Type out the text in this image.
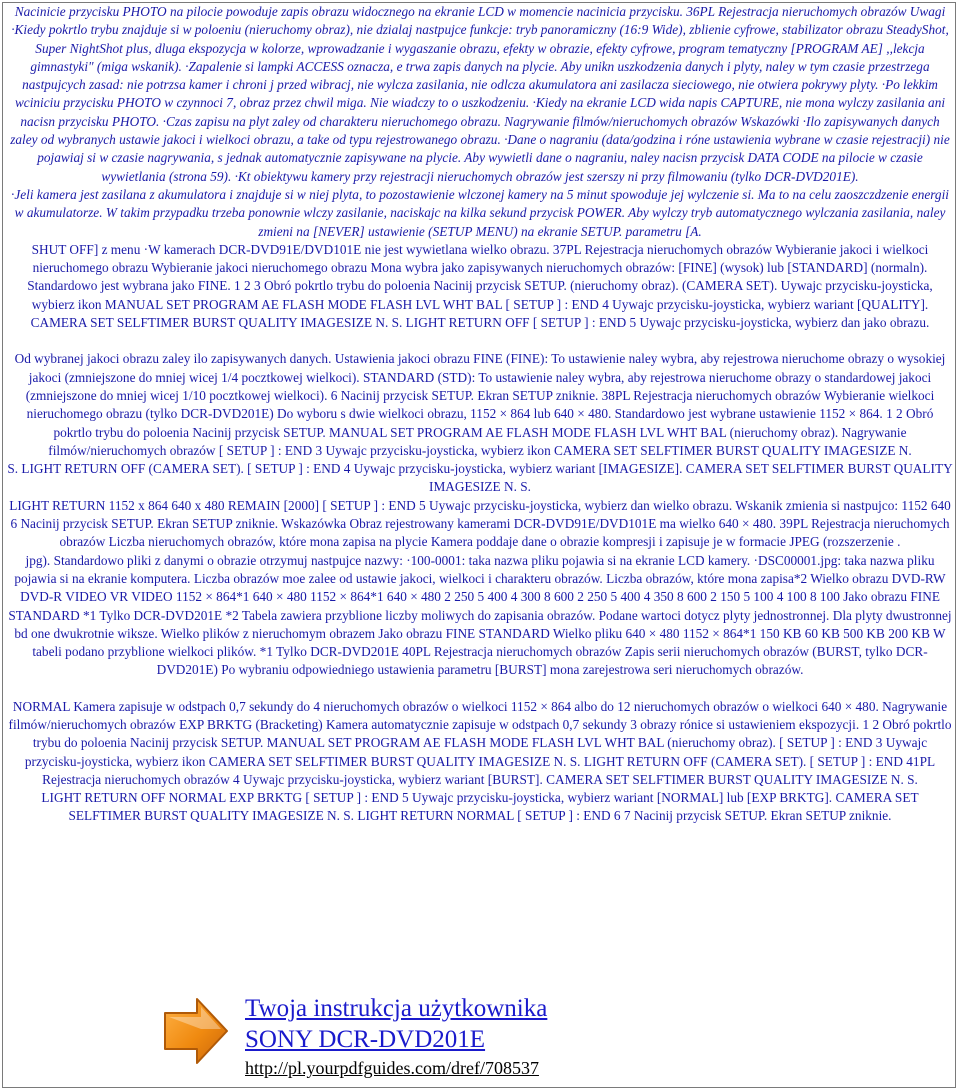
Nacinicie przycisku PHOTO na pilocie powoduje zapis obrazu widocznego na ekranie LCD w momencie nacinicia przycisku. 36PL Rejestracja nieruchomych obrazów Uwagi ·Kiedy pokrtlo trybu znajduje si w poloeniu (nieruchomy obraz), nie dzialaj nastpujce funkcje: tryb panoramiczny (16:9 Wide), zblienie cyfrowe, stabilizator obrazu SteadyShot, Super NightShot plus, dluga ekspozycja w kolorze, wprowadzanie i wygaszanie obrazu, efekty w obrazie, efekty cyfrowe, program tematyczny [PROGRAM AE] ,,lekcja gimnastyki" (miga wskanik). ·Zapalenie si lampki ACCESS oznacza, e trwa zapis danych na plycie. Aby unikn uszkodzenia danych i plyty, naley w tym czasie przestrzega nastpujcych zasad: nie potrzsa kamer i chroni j przed wibracj, nie wylcza zasilania, nie odlcza akumulatora ani zasilacza sieciowego, nie otwiera pokrywy plyty. ·Po lekkim wciniciu przycisku PHOTO w czynnoci 7, obraz przez chwil miga. Nie wiadczy to o uszkodzeniu. ·Kiedy na ekranie LCD wida napis CAPTURE, nie mona wylczy zasilania ani nacisn przycisku PHOTO. ·Czas zapisu na plyt zaley od charakteru nieruchomego obrazu. Nagrywanie filmów/nieruchomych obrazów Wskazówki ·Ilo zapisywanych danych zaley od wybranych ustawie jakoci i wielkoci obrazu, a take od typu rejestrowanego obrazu. ·Dane o nagraniu (data/godzina i róne ustawienia wybrane w czasie rejestracji) nie pojawiaj si w czasie nagrywania, s jednak automatycznie zapisywane na plycie. Aby wywietli dane o nagraniu, naley nacisn przycisk DATA CODE na pilocie w czasie wywietlania (strona 59). ·Kt obiektywu kamery przy rejestracji nieruchomych obrazów jest szerszy ni przy filmowaniu (tylko DCR-DVD201E).

·Jeli kamera jest zasilana z akumulatora i znajduje si w niej plyta, to pozostawienie wlczonej kamery na 5 minut spowoduje jej wylczenie si. Ma to na celu zaoszczdzenie energii w akumulatorze. W takim przypadku trzeba ponownie wlczy zasilanie, naciskajc na kilka sekund przycisk POWER. Aby wylczy tryb automatycznego wylczania zasilania, naley zmieni na [NEVER] ustawienie (SETUP MENU) na ekranie SETUP. parametru [A.

SHUT OFF] z menu ·W kamerach DCR-DVD91E/DVD101E nie jest wywietlana wielko obrazu. 37PL Rejestracja nieruchomych obrazów Wybieranie jakoci i wielkoci nieruchomego obrazu Wybieranie jakoci nieruchomego obrazu Mona wybra jako zapisywanych nieruchomych obrazów: [FINE] (wysok) lub [STANDARD] (normaln). Standardowo jest wybrana jako FINE. 1 2 3 Obró pokrtlo trybu do poloenia Nacinij przycisk SETUP. (nieruchomy obraz). (CAMERA SET). Uywajc przycisku-joysticka, wybierz ikon MANUAL SET PROGRAM AE FLASH MODE FLASH LVL WHT BAL [ SETUP ] : END 4 Uywajc przycisku-joysticka, wybierz wariant [QUALITY]. CAMERA SET SELFTIMER BURST QUALITY IMAGESIZE N. S. LIGHT RETURN OFF [ SETUP ] : END 5 Uywajc przycisku-joysticka, wybierz dan jako obrazu.

Od wybranej jakoci obrazu zaley ilo zapisywanych danych. Ustawienia jakoci obrazu FINE (FINE): To ustawienie naley wybra, aby rejestrowa nieruchome obrazy o wysokiej jakoci (zmniejszone do mniej wicej 1/4 pocztkowej wielkoci). STANDARD (STD): To ustawienie naley wybra, aby rejestrowa nieruchome obrazy o standardowej jakoci (zmniejszone do mniej wicej 1/10 pocztkowej wielkoci). 6 Nacinij przycisk SETUP. Ekran SETUP zniknie. 38PL Rejestracja nieruchomych obrazów Wybieranie wielkoci nieruchomego obrazu (tylko DCR-DVD201E) Do wyboru s dwie wielkoci obrazu, 1152 × 864 lub 640 × 480. Standardowo jest wybrane ustawienie 1152 × 864. 1 2 Obró pokrtlo trybu do poloenia Nacinij przycisk SETUP. MANUAL SET PROGRAM AE FLASH MODE FLASH LVL WHT BAL (nieruchomy obraz). Nagrywanie filmów/nieruchomych obrazów [ SETUP ] : END 3 Uywajc przycisku-joysticka, wybierz ikon CAMERA SET SELFTIMER BURST QUALITY IMAGESIZE N.

S. LIGHT RETURN OFF (CAMERA SET). [ SETUP ] : END 4 Uywajc przycisku-joysticka, wybierz wariant [IMAGESIZE]. CAMERA SET SELFTIMER BURST QUALITY IMAGESIZE N. S.

LIGHT RETURN 1152 x 864 640 x 480 REMAIN [2000] [ SETUP ] : END 5 Uywajc przycisku-joysticka, wybierz dan wielko obrazu. Wskanik zmienia si nastpujco: 1152 640 6 Nacinij przycisk SETUP. Ekran SETUP zniknie. Wskazówka Obraz rejestrowany kamerami DCR-DVD91E/DVD101E ma wielko 640 × 480. 39PL Rejestracja nieruchomych obrazów Liczba nieruchomych obrazów, które mona zapisa na plycie Kamera poddaje dane o obrazie kompresji i zapisuje je w formacie JPEG (rozszerzenie .

jpg). Standardowo pliki z danymi o obrazie otrzymuj nastpujce nazwy: ·100-0001: taka nazwa pliku pojawia si na ekranie LCD kamery. ·DSC00001.jpg: taka nazwa pliku pojawia si na ekranie komputera. Liczba obrazów moe zalee od ustawie jakoci, wielkoci i charakteru obrazów. Liczba obrazów, które mona zapisa*2 Wielko obrazu DVD-RW DVD-R VIDEO VR VIDEO 1152 × 864*1 640 × 480 1152 × 864*1 640 × 480 2 250 5 400 4 300 8 600 2 250 5 400 4 350 8 600 2 150 5 100 4 100 8 100 Jako obrazu FINE STANDARD *1 Tylko DCR-DVD201E *2 Tabela zawiera przyblione liczby moliwych do zapisania obrazów. Podane wartoci dotycz plyty jednostronnej. Dla plyty dwustronnej bd one dwukrotnie wiksze. Wielko plików z nieruchomym obrazem Jako obrazu FINE STANDARD Wielko pliku 640 × 480 1152 × 864*1 150 KB 60 KB 500 KB 200 KB W tabeli podano przyblione wielkoci plików. *1 Tylko DCR-DVD201E 40PL Rejestracja nieruchomych obrazów Zapis serii nieruchomych obrazów (BURST, tylko DCR-DVD201E) Po wybraniu odpowiedniego ustawienia parametru [BURST] mona zarejestrowa seri nieruchomych obrazów.

NORMAL Kamera zapisuje w odstpach 0,7 sekundy do 4 nieruchomych obrazów o wielkoci 1152 × 864 albo do 12 nieruchomych obrazów o wielkoci 640 × 480. Nagrywanie filmów/nieruchomych obrazów EXP BRKTG (Bracketing) Kamera automatycznie zapisuje w odstpach 0,7 sekundy 3 obrazy rónice si ustawieniem ekspozycji. 1 2 Obró pokrtlo trybu do poloenia Nacinij przycisk SETUP. MANUAL SET PROGRAM AE FLASH MODE FLASH LVL WHT BAL (nieruchomy obraz). [ SETUP ] : END 3 Uywajc przycisku-joysticka, wybierz ikon CAMERA SET SELFTIMER BURST QUALITY IMAGESIZE N. S. LIGHT RETURN OFF (CAMERA SET). [ SETUP ] : END 41PL Rejestracja nieruchomych obrazów 4 Uywajc przycisku-joysticka, wybierz wariant [BURST]. CAMERA SET SELFTIMER BURST QUALITY IMAGESIZE N. S.

LIGHT RETURN OFF NORMAL EXP BRKTG [ SETUP ] : END 5 Uywajc przycisku-joysticka, wybierz wariant [NORMAL] lub [EXP BRKTG]. CAMERA SET SELFTIMER BURST QUALITY IMAGESIZE N. S. LIGHT RETURN NORMAL [ SETUP ] : END 6 7 Nacinij przycisk SETUP. Ekran SETUP zniknie.

Twoja instrukcja użytkownika
SONY DCR-DVD201E
http://pl.yourpdfguides.com/dref/708537
